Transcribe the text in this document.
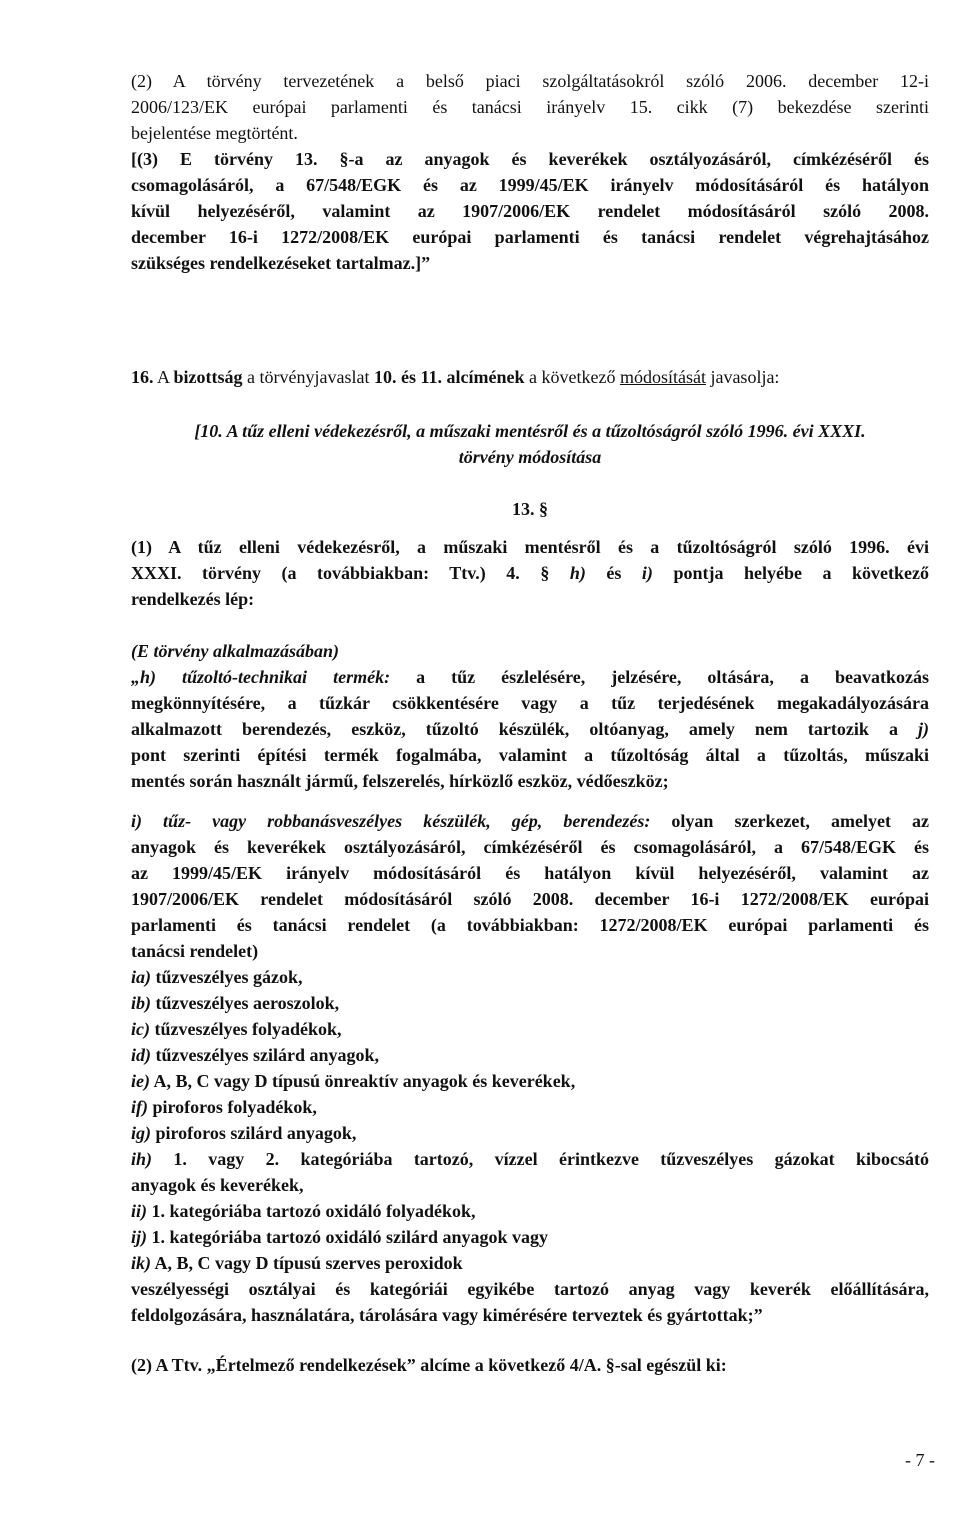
(2) A törvény tervezetének a belső piaci szolgáltatásokról szóló 2006. december 12-i
2006/123/EK európai parlamenti és tanácsi irányelv 15. cikk (7) bekezdése szerinti
bejelentése megtörtént.
[(3) E törvény 13. §-a az anyagok és keverékek osztályozásáról, címkézéséről és
csomagolásáról, a 67/548/EGK és az 1999/45/EK irányelv módosításáról és hatályon
kívül helyezéséről, valamint az 1907/2006/EK rendelet módosításáról szóló 2008.
december 16-i 1272/2008/EK európai parlamenti és tanácsi rendelet végrehajtásához
szükséges rendelkezéseket tartalmaz.]”
16. A bizottság a törvényjavaslat 10. és 11. alcímének a következő módosítását javasolja:
[10. A tűz elleni védekezésről, a műszaki mentésről és a tűzoltóságról szóló 1996. évi XXXI.
törvény módosítása
13. §
(1) A tűz elleni védekezésről, a műszaki mentésről és a tűzoltóságról szóló 1996. évi
XXXI. törvény (a továbbiakban: Ttv.) 4. § h) és i) pontja helyébe a következő
rendelkezés lép:
(E törvény alkalmazásában)
„h) tűzoltó-technikai termék: a tűz észlelésére, jelzésére, oltására, a beavatkozás
megkönnyítésére, a tűzkár csökkentésére vagy a tűz terjedésének megakadályozására
alkalmazott berendezés, eszköz, tűzoltó készülék, oltóanyag, amely nem tartozik a j)
pont szerinti építési termék fogalmába, valamint a tűzoltóság által a tűzoltás, műszaki
mentés során használt jármű, felszerelés, hírközlő eszköz, védőeszköz;
i) tűz- vagy robbanásveszélyes készülék, gép, berendezés: olyan szerkezet, amelyet az
anyagok és keverékek osztályozásáról, címkézéséről és csomagolásáról, a 67/548/EGK és
az 1999/45/EK irányelv módosításáról és hatályon kívül helyezéséről, valamint az
1907/2006/EK rendelet módosításáról szóló 2008. december 16-i 1272/2008/EK európai
parlamenti és tanácsi rendelet (a továbbiakban: 1272/2008/EK európai parlamenti és
tanácsi rendelet)
ia) tűzveszélyes gázok,
ib) tűzveszélyes aeroszolok,
ic) tűzveszélyes folyadékok,
id) tűzveszélyes szilárd anyagok,
ie) A, B, C vagy D típusú önreaktív anyagok és keverékek,
if) piroforos folyadékok,
ig) piroforos szilárd anyagok,
ih) 1. vagy 2. kategóriába tartozó, vízzel érintkezve tűzveszélyes gázokat kibocsátó
anyagok és keverékek,
ii) 1. kategóriába tartozó oxidáló folyadékok,
ij) 1. kategóriába tartozó oxidáló szilárd anyagok vagy
ik) A, B, C vagy D típusú szerves peroxidok
veszélyességi osztályai és kategóriái egyikébe tartozó anyag vagy keverék előállítására,
feldolgozására, használatára, tárolására vagy kimérésére terveztek és gyártottak;”
(2) A Ttv. „Értelmező rendelkezések” alcíme a következő 4/A. §-sal egészül ki:
- 7 -
